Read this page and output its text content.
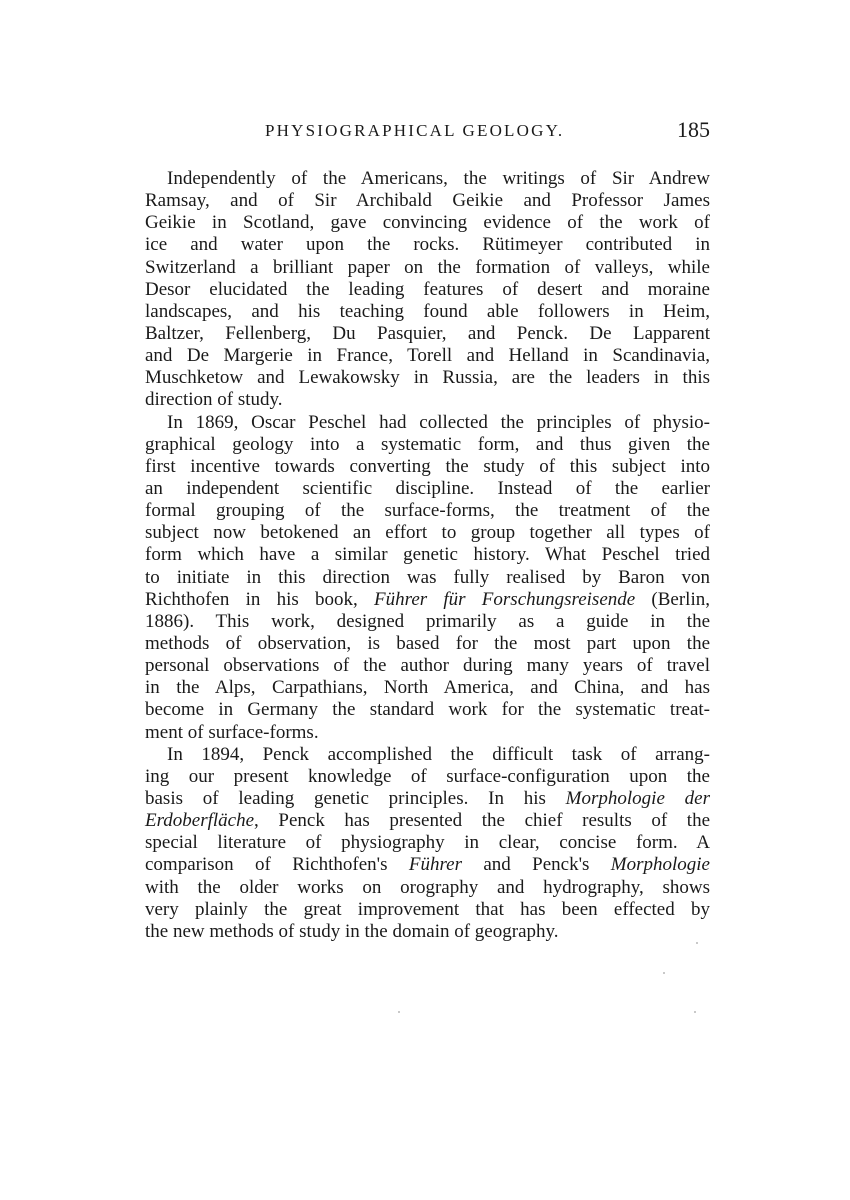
PHYSIOGRAPHICAL GEOLOGY.	185
Independently of the Americans, the writings of Sir Andrew
Ramsay, and of Sir Archibald Geikie and Professor James
Geikie in Scotland, gave convincing evidence of the work of
ice and water upon the rocks. Rütimeyer contributed in
Switzerland a brilliant paper on the formation of valleys, while
Desor elucidated the leading features of desert and moraine
landscapes, and his teaching found able followers in Heim,
Baltzer, Fellenberg, Du Pasquier, and Penck. De Lapparent
and De Margerie in France, Torell and Helland in Scandinavia,
Muschketow and Lewakowsky in Russia, are the leaders in this
direction of study.
In 1869, Oscar Peschel had collected the principles of physio-
graphical geology into a systematic form, and thus given the
first incentive towards converting the study of this subject into
an independent scientific discipline. Instead of the earlier
formal grouping of the surface-forms, the treatment of the
subject now betokened an effort to group together all types of
form which have a similar genetic history. What Peschel tried
to initiate in this direction was fully realised by Baron von
Richthofen in his book, Führer für Forschungsreisende (Berlin,
1886). This work, designed primarily as a guide in the
methods of observation, is based for the most part upon the
personal observations of the author during many years of travel
in the Alps, Carpathians, North America, and China, and has
become in Germany the standard work for the systematic treat-
ment of surface-forms.
In 1894, Penck accomplished the difficult task of arrang-
ing our present knowledge of surface-configuration upon the
basis of leading genetic principles. In his Morphologie der
Erdoberfläche, Penck has presented the chief results of the
special literature of physiography in clear, concise form. A
comparison of Richthofen's Führer and Penck's Morphologie
with the older works on orography and hydrography, shows
very plainly the great improvement that has been effected by
the new methods of study in the domain of geography.
